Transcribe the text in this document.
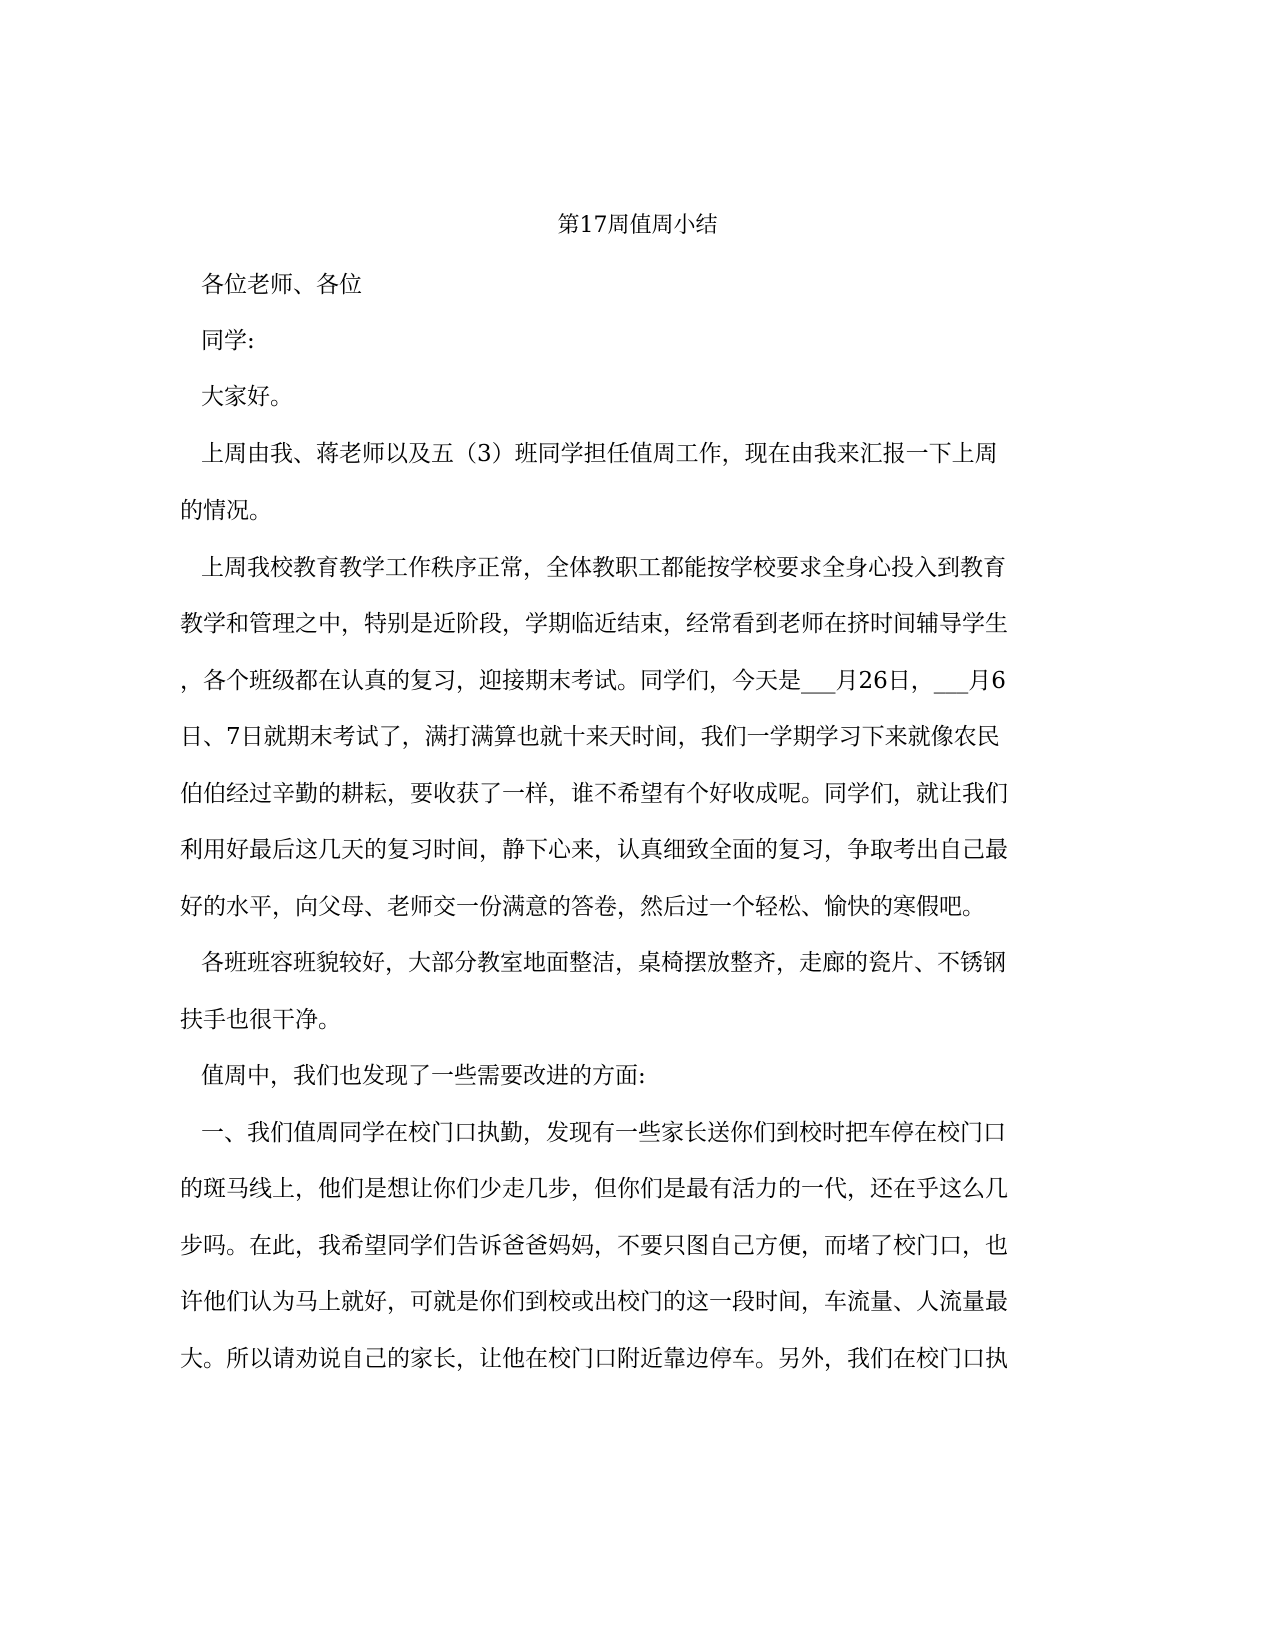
第17周值周小结
各位老师、各位
同学:
大家好。
上周由我、蒋老师以及五（3）班同学担任值周工作，现在由我来汇报一下上周
的情况。
上周我校教育教学工作秩序正常，全体教职工都能按学校要求全身心投入到教育
教学和管理之中，特别是近阶段，学期临近结束，经常看到老师在挤时间辅导学生
，各个班级都在认真的复习，迎接期末考试。同学们，今天是___月26日，___月6
日、7日就期末考试了，满打满算也就十来天时间，我们一学期学习下来就像农民
伯伯经过辛勤的耕耘，要收获了一样，谁不希望有个好收成呢。同学们，就让我们
利用好最后这几天的复习时间，静下心来，认真细致全面的复习，争取考出自己最
好的水平，向父母、老师交一份满意的答卷，然后过一个轻松、愉快的寒假吧。
各班班容班貌较好，大部分教室地面整洁，桌椅摆放整齐，走廊的瓷片、不锈钢
扶手也很干净。
值周中，我们也发现了一些需要改进的方面:
一、我们值周同学在校门口执勤，发现有一些家长送你们到校时把车停在校门口
的斑马线上，他们是想让你们少走几步，但你们是最有活力的一代，还在乎这么几
步吗。在此，我希望同学们告诉爸爸妈妈，不要只图自己方便，而堵了校门口，也
许他们认为马上就好，可就是你们到校或出校门的这一段时间，车流量、人流量最
大。所以请劝说自己的家长，让他在校门口附近靠边停车。另外，我们在校门口执
